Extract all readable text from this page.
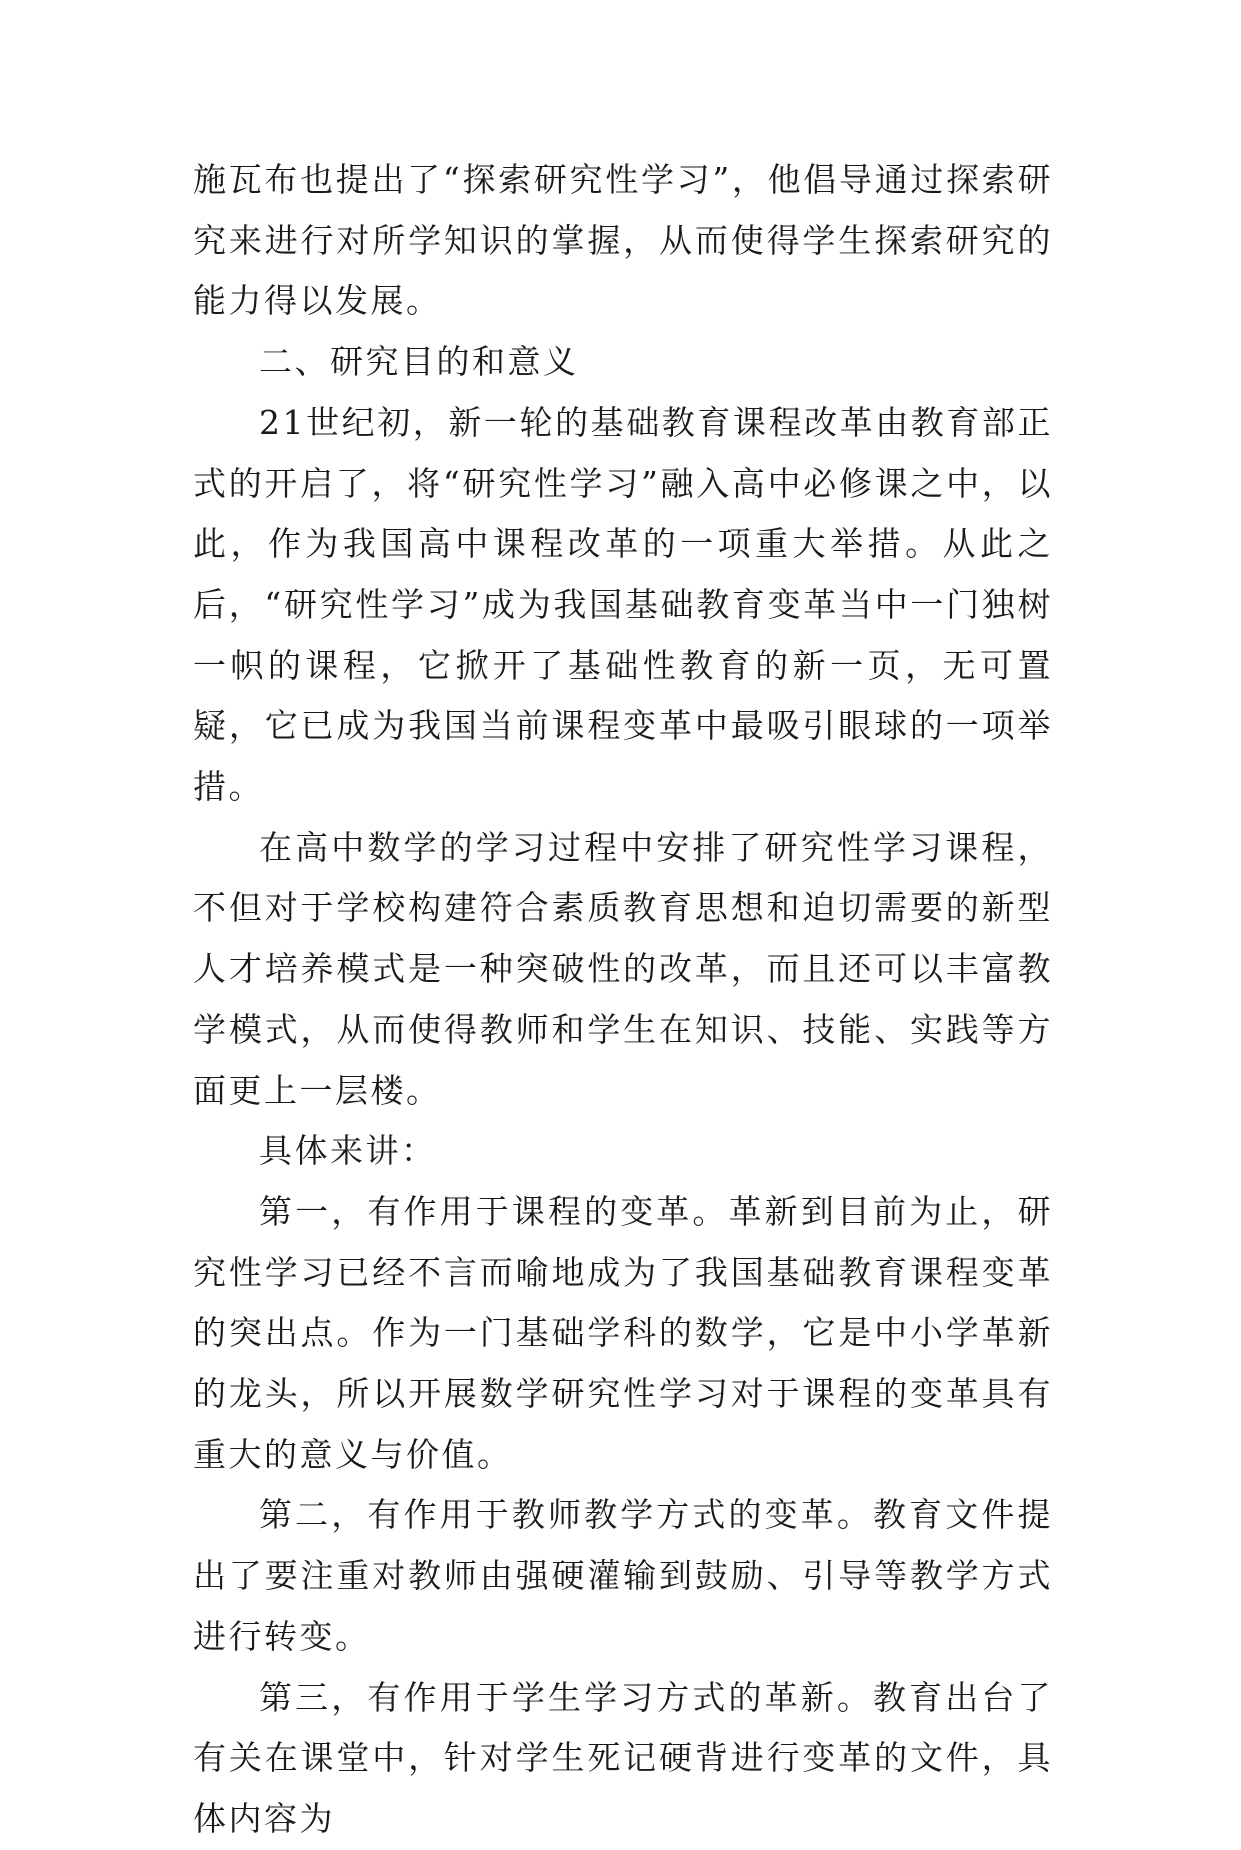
施瓦布也提出了“探索研究性学习”，他倡导通过探索研究来进行对所学知识的掌握，从而使得学生探索研究的能力得以发展。

二、研究目的和意义

21世纪初，新一轮的基础教育课程改革由教育部正式的开启了，将“研究性学习”融入高中必修课之中，以此，作为我国高中课程改革的一项重大举措。从此之后，“研究性学习”成为我国基础教育变革当中一门独树一帜的课程，它掀开了基础性教育的新一页，无可置疑，它已成为我国当前课程变革中最吸引眼球的一项举措。

在高中数学的学习过程中安排了研究性学习课程，不但对于学校构建符合素质教育思想和迫切需要的新型人才培养模式是一种突破性的改革，而且还可以丰富教学模式，从而使得教师和学生在知识、技能、实践等方面更上一层楼。

具体来讲：

第一，有作用于课程的变革。革新到目前为止，研究性学习已经不言而喻地成为了我国基础教育课程变革的突出点。作为一门基础学科的数学，它是中小学革新的龙头，所以开展数学研究性学习对于课程的变革具有重大的意义与价值。

第二，有作用于教师教学方式的变革。教育文件提出了要注重对教师由强硬灌输到鼓励、引导等教学方式进行转变。

第三，有作用于学生学习方式的革新。教育出台了有关在课堂中，针对学生死记硬背进行变革的文件，具体内容为
